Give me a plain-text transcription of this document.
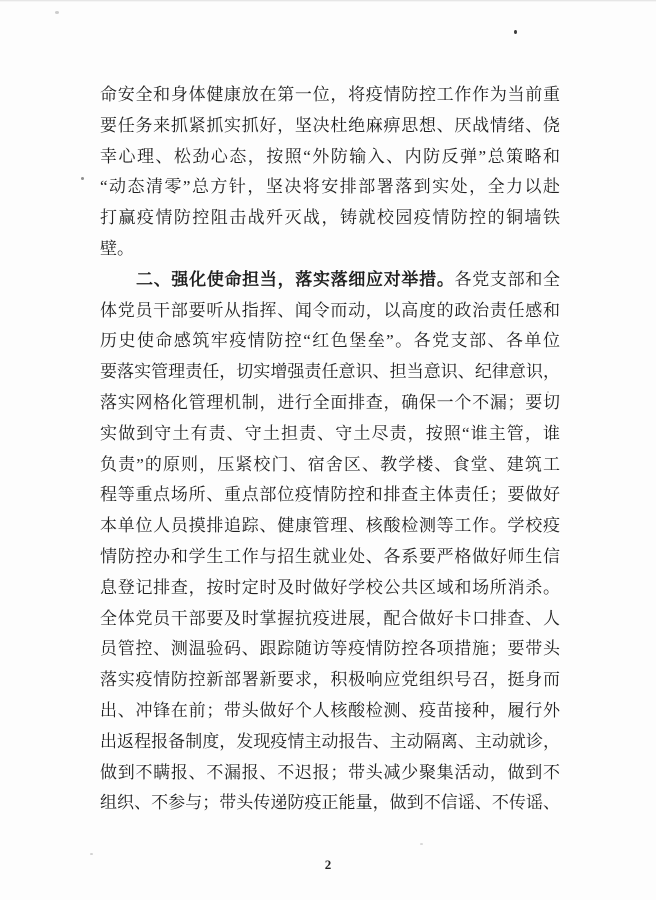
命安全和身体健康放在第一位，将疫情防控工作作为当前重
要任务来抓紧抓实抓好，坚决杜绝麻痹思想、厌战情绪、侥
幸心理、松劲心态，按照“外防输入、内防反弹”总策略和
“动态清零”总方针，坚决将安排部署落到实处，全力以赴
打赢疫情防控阻击战歼灭战，铸就校园疫情防控的铜墙铁
壁。
二、强化使命担当，落实落细应对举措。各党支部和全
体党员干部要听从指挥、闻令而动，以高度的政治责任感和
历史使命感筑牢疫情防控“红色堡垒”。各党支部、各单位
要落实管理责任，切实增强责任意识、担当意识、纪律意识，
落实网格化管理机制，进行全面排查，确保一个不漏；要切
实做到守土有责、守土担责、守土尽责，按照“谁主管，谁
负责”的原则，压紧校门、宿舍区、教学楼、食堂、建筑工
程等重点场所、重点部位疫情防控和排查主体责任；要做好
本单位人员摸排追踪、健康管理、核酸检测等工作。学校疫
情防控办和学生工作与招生就业处、各系要严格做好师生信
息登记排查，按时定时及时做好学校公共区域和场所消杀。
全体党员干部要及时掌握抗疫进展，配合做好卡口排查、人
员管控、测温验码、跟踪随访等疫情防控各项措施；要带头
落实疫情防控新部署新要求，积极响应党组织号召，挺身而
出、冲锋在前；带头做好个人核酸检测、疫苗接种，履行外
出返程报备制度，发现疫情主动报告、主动隔离、主动就诊，
做到不瞒报、不漏报、不迟报；带头减少聚集活动，做到不
组织、不参与；带头传递防疫正能量，做到不信谣、不传谣、
2
